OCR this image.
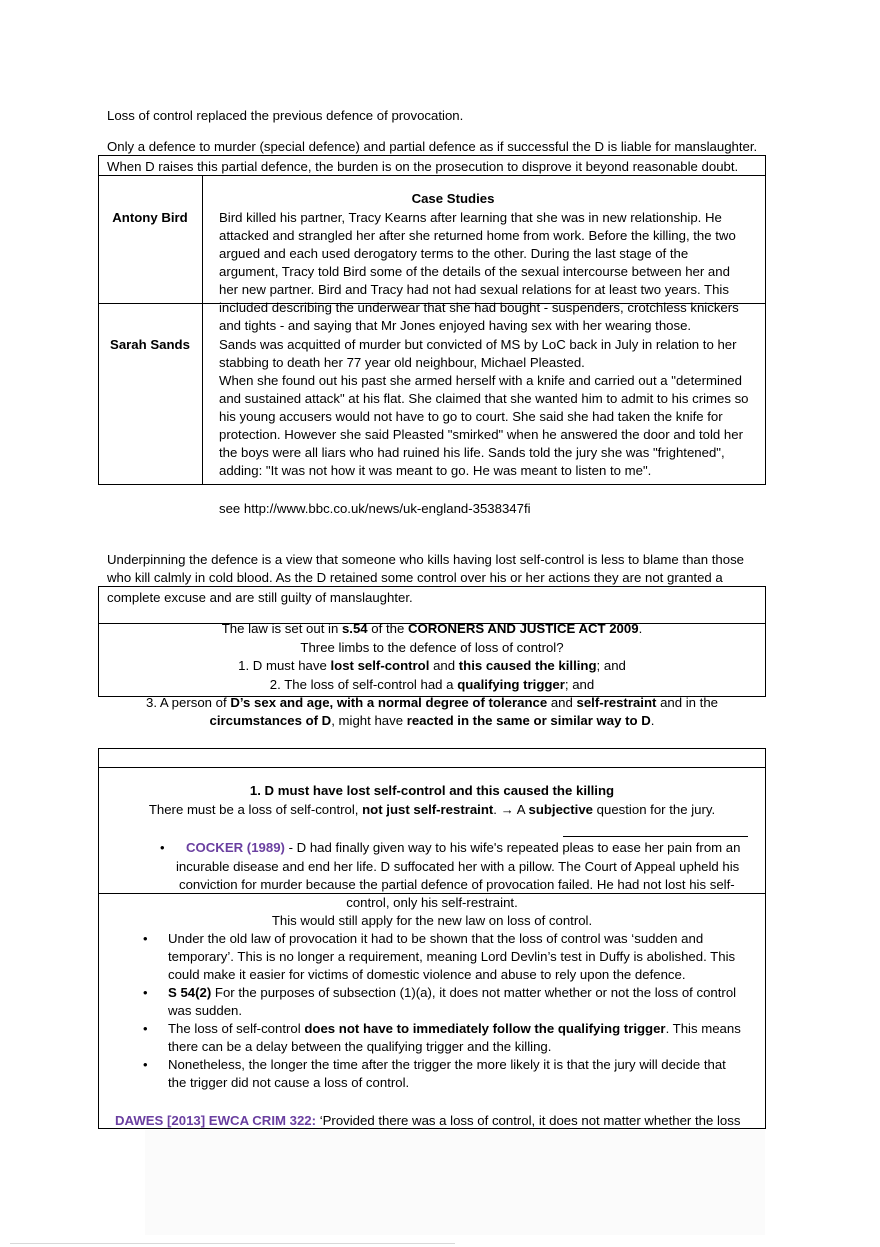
Loss of control replaced the previous defence of provocation.
Only a defence to murder (special defence) and partial defence as if successful the D is liable for manslaughter.
When D raises this partial defence, the burden is on the prosecution to disprove it beyond reasonable doubt.
Case Studies
Antony Bird
Sarah Sands
Bird killed his partner, Tracy Kearns after learning that she was in new relationship. He
attacked and strangled her after she returned home from work. Before the killing, the two
argued and each used derogatory terms to the other. During the last stage of the
argument, Tracy told Bird some of the details of the sexual intercourse between her and
her new partner. Bird and Tracy had not had sexual relations for at least two years. This
included describing the underwear that she had bought - suspenders, crotchless knickers
and tights - and saying that Mr Jones enjoyed having sex with her wearing those.
Sands was acquitted of murder but convicted of MS by LoC back in July in relation to her
stabbing to death her 77 year old neighbour, Michael Pleasted.
When she found out his past she armed herself with a knife and carried out a "determined
and sustained attack" at his flat. She claimed that she wanted him to admit to his crimes so
his young accusers would not have to go to court. She said she had taken the knife for
protection. However she said Pleasted "smirked" when he answered the door and told her
the boys were all liars who had ruined his life. Sands told the jury she was "frightened",
adding: "It was not how it was meant to go. He was meant to listen to me".
see http://www.bbc.co.uk/news/uk-england-3538347fi
Underpinning the defence is a view that someone who kills having lost self-control is less to blame than those
who kill calmly in cold blood. As the D retained some control over his or her actions they are not granted a
complete excuse and are still guilty of manslaughter.
The law is set out in s.54 of the CORONERS AND JUSTICE ACT 2009.
Three limbs to the defence of loss of control?
1. D must have lost self-control and this caused the killing; and
2. The loss of self-control had a qualifying trigger; and
3. A person of D’s sex and age, with a normal degree of tolerance and self-restraint and in the
circumstances of D, might have reacted in the same or similar way to D.
1. D must have lost self-control and this caused the killing
There must be a loss of self-control, not just self-restraint. → A subjective question for the jury.
• COCKER (1989) - D had finally given way to his wife's repeated pleas to ease her pain from an
incurable disease and end her life. D suffocated her with a pillow. The Court of Appeal upheld his
conviction for murder because the partial defence of provocation failed. He had not lost his self-
control, only his self-restraint.
This would still apply for the new law on loss of control.
• Under the old law of provocation it had to be shown that the loss of control was ‘sudden and
temporary’. This is no longer a requirement, meaning Lord Devlin’s test in Duffy is abolished. This
could make it easier for victims of domestic violence and abuse to rely upon the defence.
• S 54(2) For the purposes of subsection (1)(a), it does not matter whether or not the loss of control
was sudden.
• The loss of self-control does not have to immediately follow the qualifying trigger. This means
there can be a delay between the qualifying trigger and the killing.
• Nonetheless, the longer the time after the trigger the more likely it is that the jury will decide that
the trigger did not cause a loss of control.
DAWES [2013] EWCA CRIM 322: ‘Provided there was a loss of control, it does not matter whether the loss
